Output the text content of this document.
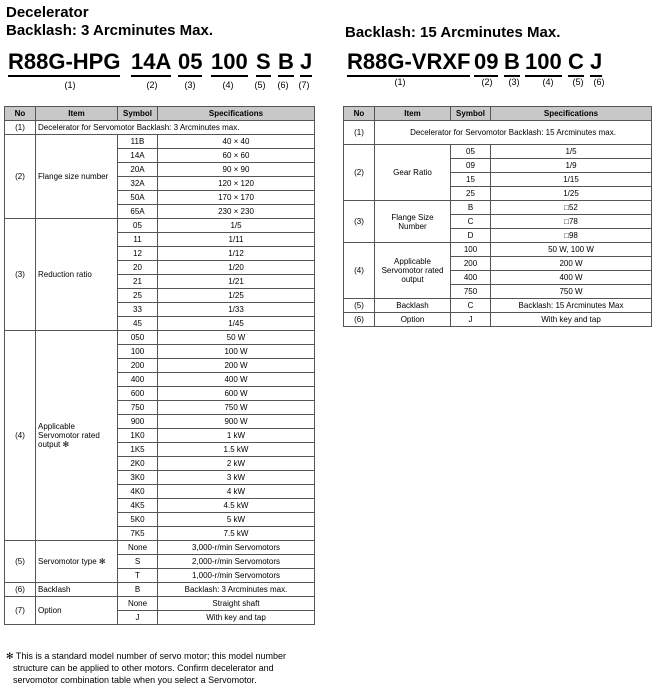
Decelerator
Backlash: 3 Arcminutes Max.
R88G-HPG 14A 05 100 S B J
(1)	(2)	(3)	(4)	(5)	(6)	(7)
No	Item	Symbol	Specifications
(1)	Decelerator for Servomotor Backlash: 3 Arcminutes max.		
(2)	Flange size number	11B	40 × 40
		14A	60 × 60
		20A	90 × 90
		32A	120 × 120
		50A	170 × 170
		65A	230 × 230
(3)	Reduction ratio	05	1/5
		11	1/11
		12	1/12
		20	1/20
		21	1/21
		25	1/25
		33	1/33
		45	1/45
(4)	Applicable Servomotor rated output ✻	050	50 W
		100	100 W
		200	200 W
		400	400 W
		600	600 W
		750	750 W
		900	900 W
		1K0	1 kW
		1K5	1.5 kW
		2K0	2 kW
		3K0	3 kW
		4K0	4 kW
		4K5	4.5 kW
		5K0	5 kW
		7K5	7.5 kW
(5)	Servomotor type ✻	None	3,000-r/min Servomotors
		S	2,000-r/min Servomotors
		T	1,000-r/min Servomotors
(6)	Backlash	B	Backlash: 3 Arcminutes max.
(7)	Option	None	Straight shaft
		J	With key and tap
✻ This is a standard model number of servo motor; this model number
structure can be applied to other motors. Confirm decelerator and
servomotor combination table when you select a Servomotor.
Backlash: 15 Arcminutes Max.
R88G-VRXF 09 B 100 C J
(1)	(2)	(3)	(4)	(5)	(6)
No	Item	Symbol	Specifications
(1)	Decelerator for Servomotor Backlash: 15 Arcminutes max.		
(2)	Gear Ratio	05	1/5
		09	1/9
		15	1/15
		25	1/25
(3)	Flange Size Number	B	□52
		C	□78
		D	□98
(4)	Applicable Servomotor rated output	100	50 W, 100 W
		200	200 W
		400	400 W
		750	750 W
(5)	Backlash	C	Backlash: 15 Arcminutes Max
(6)	Option	J	With key and tap
